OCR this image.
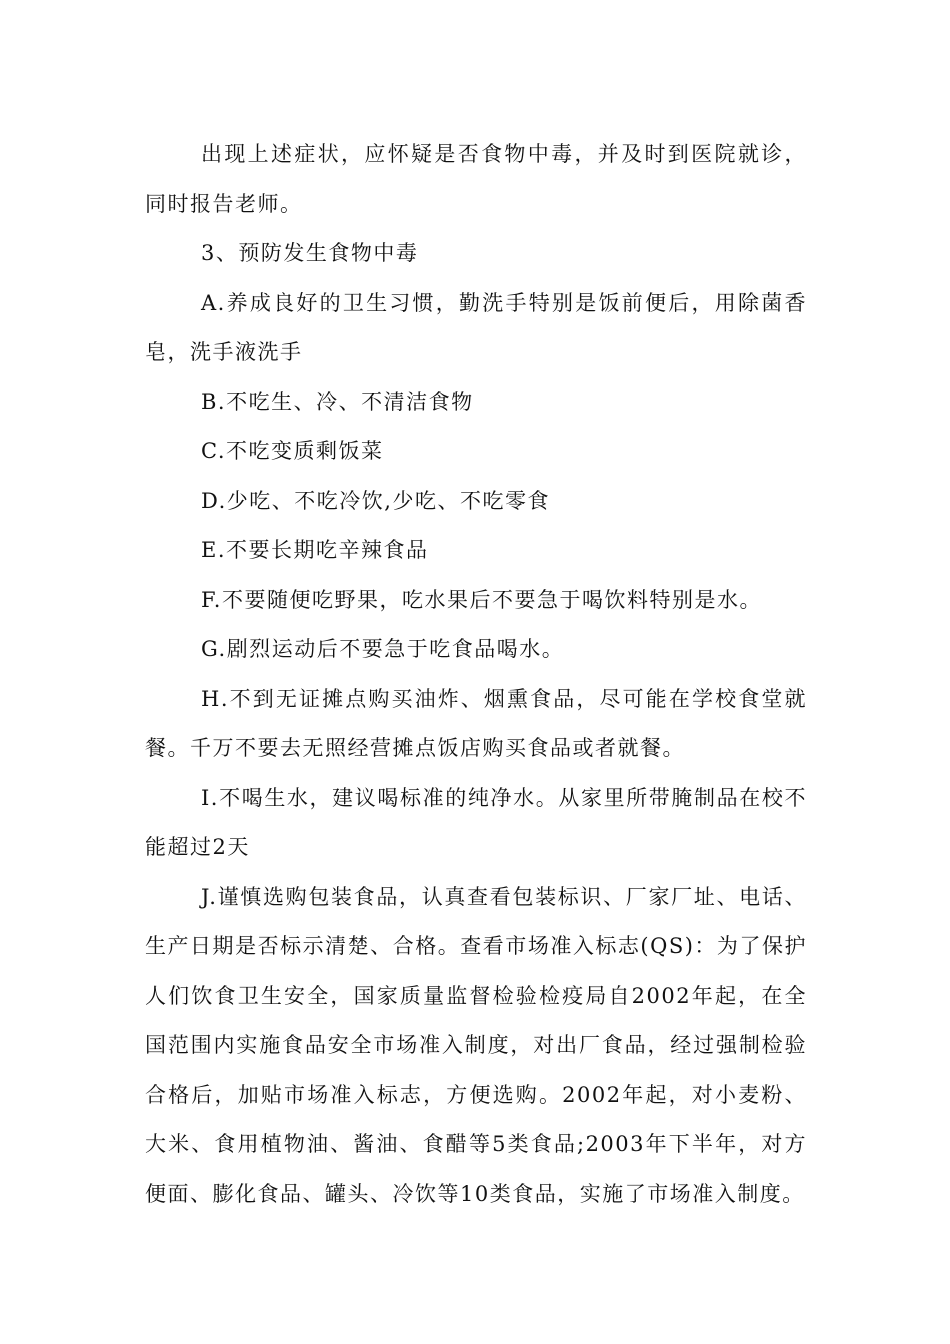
出现上述症状，应怀疑是否食物中毒，并及时到医院就诊，同时报告老师。

3、预防发生食物中毒

A.养成良好的卫生习惯，勤洗手特别是饭前便后，用除菌香皂，洗手液洗手

B.不吃生、冷、不清洁食物

C.不吃变质剩饭菜

D.少吃、不吃冷饮,少吃、不吃零食

E.不要长期吃辛辣食品

F.不要随便吃野果，吃水果后不要急于喝饮料特别是水。

G.剧烈运动后不要急于吃食品喝水。

H.不到无证摊点购买油炸、烟熏食品，尽可能在学校食堂就餐。千万不要去无照经营摊点饭店购买食品或者就餐。

I.不喝生水，建议喝标准的纯净水。从家里所带腌制品在校不能超过2天

J.谨慎选购包装食品，认真查看包装标识、厂家厂址、电话、生产日期是否标示清楚、合格。查看市场准入标志(QS)：为了保护人们饮食卫生安全，国家质量监督检验检疫局自2002年起，在全国范围内实施食品安全市场准入制度，对出厂食品，经过强制检验合格后，加贴市场准入标志，方便选购。2002年起，对小麦粉、大米、食用植物油、酱油、食醋等5类食品;2003年下半年，对方便面、膨化食品、罐头、冷饮等10类食品，实施了市场准入制度。
